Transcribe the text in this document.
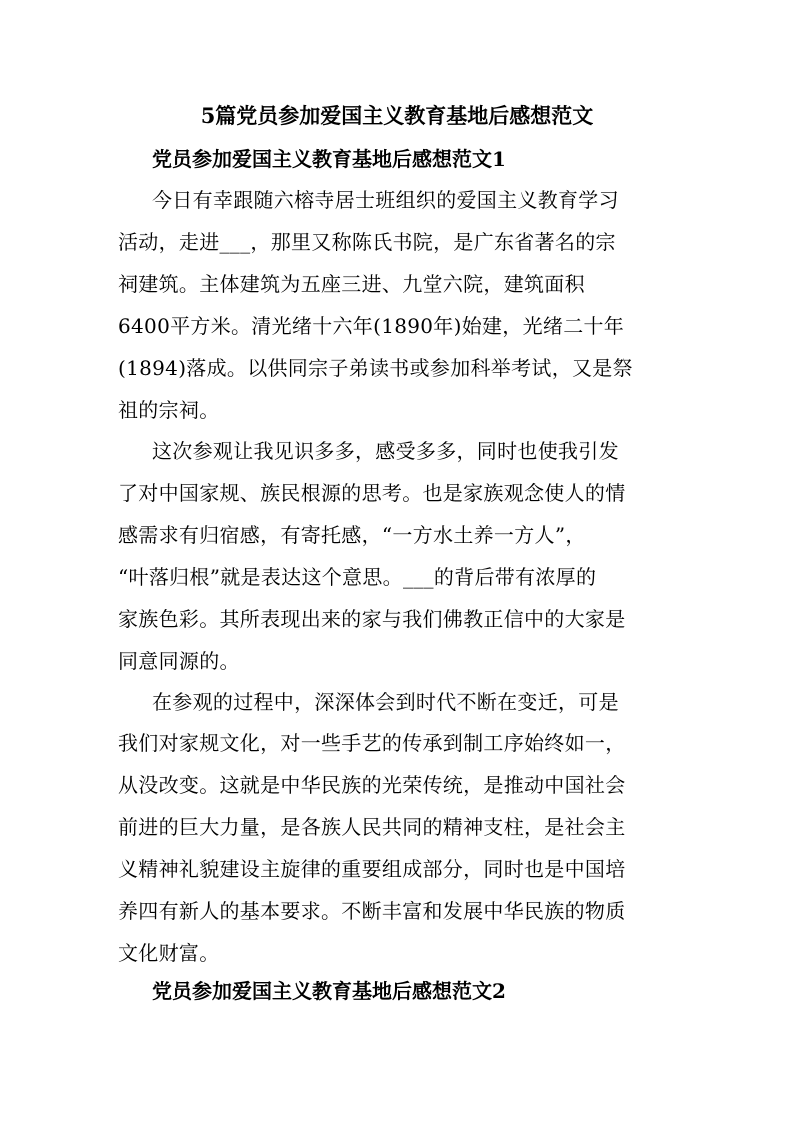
5篇党员参加爱国主义教育基地后感想范文
党员参加爱国主义教育基地后感想范文1
今日有幸跟随六榕寺居士班组织的爱国主义教育学习
活动，走进___，那里又称陈氏书院，是广东省著名的宗
祠建筑。主体建筑为五座三进、九堂六院，建筑面积
6400平方米。清光绪十六年(1890年)始建，光绪二十年
(1894)落成。以供同宗子弟读书或参加科举考试，又是祭
祖的宗祠。
这次参观让我见识多多，感受多多，同时也使我引发
了对中国家规、族民根源的思考。也是家族观念使人的情
感需求有归宿感，有寄托感，“一方水土养一方人”，
“叶落归根”就是表达这个意思。___的背后带有浓厚的
家族色彩。其所表现出来的家与我们佛教正信中的大家是
同意同源的。
在参观的过程中，深深体会到时代不断在变迁，可是
我们对家规文化，对一些手艺的传承到制工序始终如一，
从没改变。这就是中华民族的光荣传统，是推动中国社会
前进的巨大力量，是各族人民共同的精神支柱，是社会主
义精神礼貌建设主旋律的重要组成部分，同时也是中国培
养四有新人的基本要求。不断丰富和发展中华民族的物质
文化财富。
党员参加爱国主义教育基地后感想范文2
